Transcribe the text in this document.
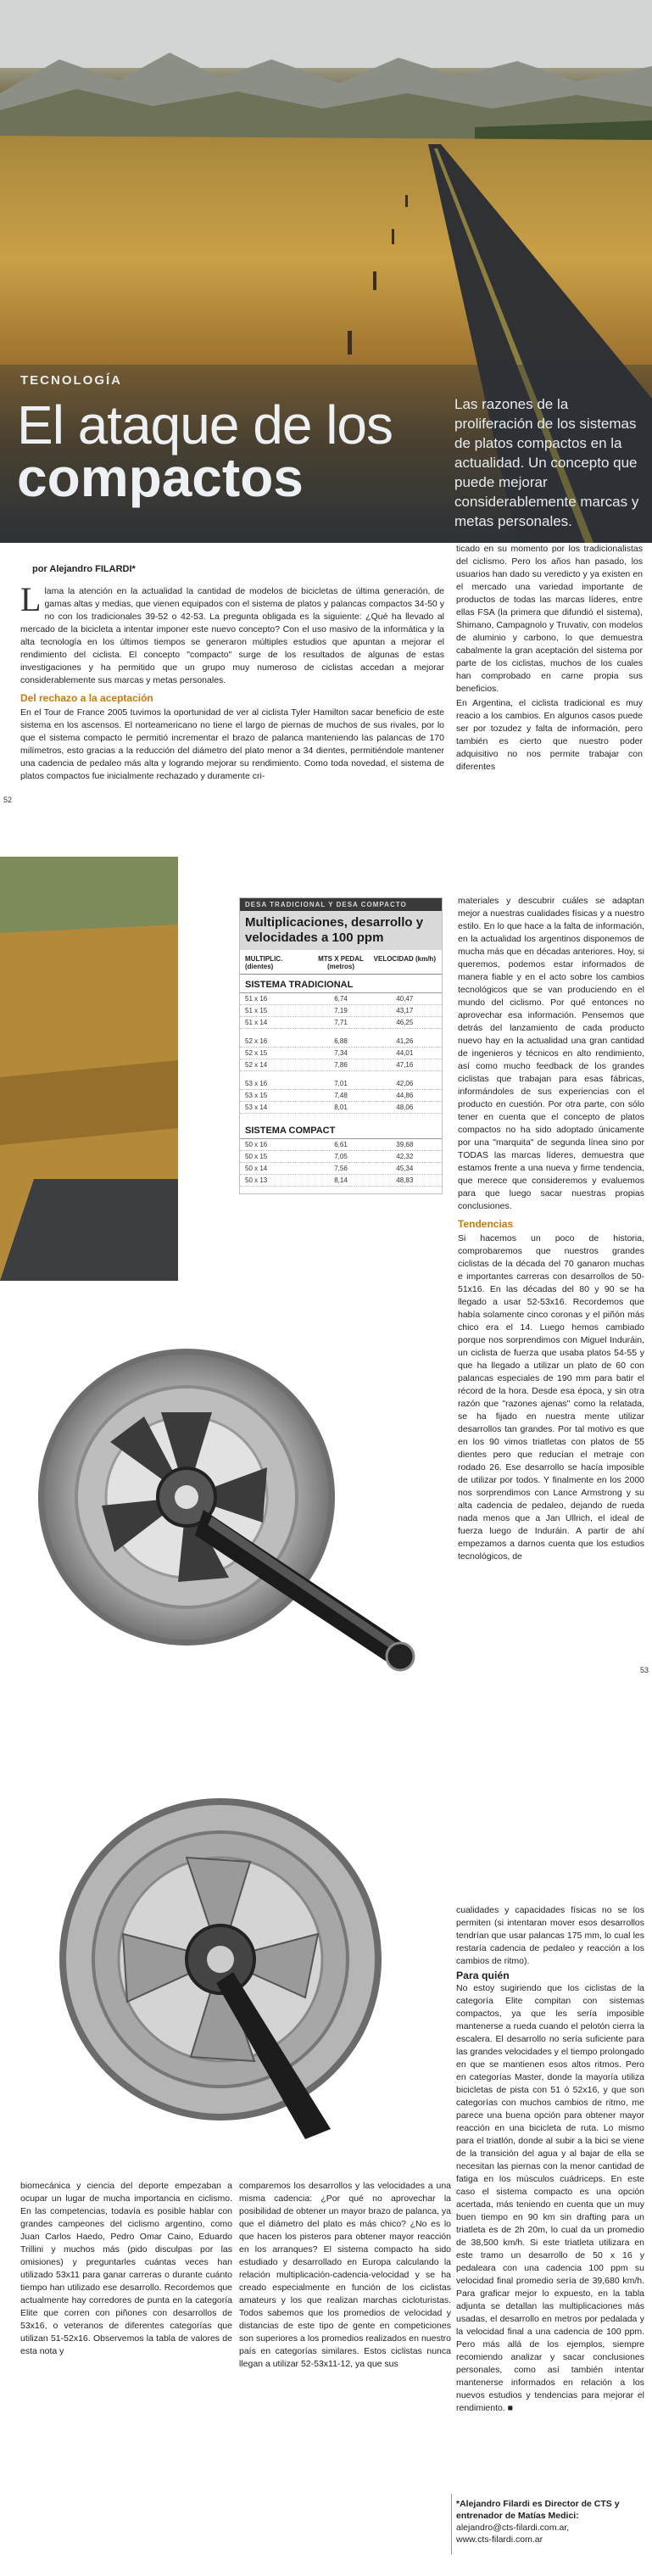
TECNOLOGÍA
El ataque de los
compactos

Las razones de la proliferación de los sistemas de platos compactos en la actualidad. Un concepto que puede mejorar considerablemente marcas y metas personales.

por Alejandro FILARDI*

Llama la atención en la actualidad la cantidad de modelos de bicicletas de última generación, de gamas altas y medias, que vienen equipados con el sistema de platos y palancas compactos 34-50 y no con los tradicionales 39-52 o 42-53. La pregunta obligada es la siguiente: ¿Qué ha llevado al mercado de la bicicleta a intentar imponer este nuevo concepto? Con el uso masivo de la informática y la alta tecnología en los últimos tiempos se generaron múltiples estudios que apuntan a mejorar el rendimiento del ciclista. El concepto "compacto" surge de los resultados de algunas de estas investigaciones y ha permitido que un grupo muy numeroso de ciclistas accedan a mejorar considerablemente sus marcas y metas personales.

Del rechazo a la aceptación

En el Tour de France 2005 tuvimos la oportunidad de ver al ciclista Tyler Hamilton sacar beneficio de este sistema en los ascensos. El norteamericano no tiene el largo de piernas de muchos de sus rivales, por lo que el sistema compacto le permitió incrementar el brazo de palanca manteniendo las palancas de 170 milímetros, esto gracias a la reducción del diámetro del plato menor a 34 dientes, permitiéndole mantener una cadencia de pedaleo más alta y logrando mejorar su rendimiento. Como toda novedad, el sistema de platos compactos fue inicialmente rechazado y duramente cri-

ticado en su momento por los tradicionalistas del ciclismo. Pero los años han pasado, los usuarios han dado su veredicto y ya existen en el mercado una variedad importante de productos de todas las marcas líderes, entre ellas FSA (la primera que difundió el sistema), Shimano, Campagnolo y Truvativ, con modelos de aluminio y carbono, lo que demuestra cabalmente la gran aceptación del sistema por parte de los ciclistas, muchos de los cuales han comprobado en carne propia sus beneficios.

En Argentina, el ciclista tradicional es muy reacio a los cambios. En algunos casos puede ser por tozudez y falta de información, pero también es cierto que nuestro poder adquisitivo no nos permite trabajar con diferentes

52
DESA TRADICIONAL Y DESA COMPACTO
Multiplicaciones, desarrollo y velocidades a 100 ppm
MULTIPLIC. (dientes)
MTS X PEDAL (metros)
VELOCIDAD (km/h)
SISTEMA TRADICIONAL
51 x 16	6,74	40,47
51 x 15	7,19	43,17
51 x 14	7,71	46,25
52 x 16	6,88	41,26
52 x 15	7,34	44,01
52 x 14	7,86	47,16
53 x 16	7,01	42,06
53 x 15	7,48	44,86
53 x 14	8,01	48,06
SISTEMA COMPACT
50 x 16	6,61	39,68
50 x 15	7,05	42,32
50 x 14	7,56	45,34
50 x 13	8,14	48,83

materiales y descubrir cuáles se adaptan mejor a nuestras cualidades físicas y a nuestro estilo. En lo que hace a la falta de información, en la actualidad los argentinos disponemos de mucha más que en décadas anteriores. Hoy, si queremos, podemos estar informados de manera fiable y en el acto sobre los cambios tecnológicos que se van produciendo en el mundo del ciclismo. Por qué entonces no aprovechar esa información. Pensemos que detrás del lanzamiento de cada producto nuevo hay en la actualidad una gran cantidad de ingenieros y técnicos en alto rendimiento, así como mucho feedback de los grandes ciclistas que trabajan para esas fábricas, informándoles de sus experiencias con el producto en cuestión. Por otra parte, con sólo tener en cuenta que el concepto de platos compactos no ha sido adoptado únicamente por una "marquita" de segunda línea sino por TODAS las marcas líderes, demuestra que estamos frente a una nueva y firme tendencia, que merece que consideremos y evaluemos para que luego sacar nuestras propias conclusiones.

Tendencias

Si hacemos un poco de historia, comprobaremos que nuestros grandes ciclistas de la década del 70 ganaron muchas e importantes carreras con desarrollos de 50-51x16. En las décadas del 80 y 90 se ha llegado a usar 52-53x16. Recordemos que había solamente cinco coronas y el piñón más chico era el 14. Luego hemos cambiado porque nos sorprendimos con Miguel Induráin, un ciclista de fuerza que usaba platos 54-55 y que ha llegado a utilizar un plato de 60 con palancas especiales de 190 mm para batir el récord de la hora. Desde esa época, y sin otra razón que "razones ajenas" como la relatada, se ha fijado en nuestra mente utilizar desarrollos tan grandes. Por tal motivo es que en los 90 vimos triatletas con platos de 55 dientes pero que reducían el metraje con rodado 26. Ese desarrollo se hacía imposible de utilizar por todos. Y finalmente en los 2000 nos sorprendimos con Lance Armstrong y su alta cadencia de pedaleo, dejando de rueda nada menos que a Jan Ullrich, el ideal de fuerza luego de Induráin. A partir de ahí empezamos a darnos cuenta que los estudios tecnológicos, de

53

biomecánica y ciencia del deporte empezaban a ocupar un lugar de mucha importancia en ciclismo. En las competencias, todavía es posible hablar con grandes campeones del ciclismo argentino, como Juan Carlos Haedo, Pedro Omar Caino, Eduardo Trillini y muchos más (pido disculpas por las omisiones) y preguntarles cuántas veces han utilizado 53x11 para ganar carreras o durante cuánto tiempo han utilizado ese desarrollo. Recordemos que actualmente hay corredores de punta en la categoría Elite que corren con piñones con desarrollos de 53x16, o veteranos de diferentes categorías que utilizan 51-52x16. Observemos la tabla de valores de esta nota y

comparemos los desarrollos y las velocidades a una misma cadencia: ¿Por qué no aprovechar la posibilidad de obtener un mayor brazo de palanca, ya que el diámetro del plato es más chico? ¿No es lo que hacen los pisteros para obtener mayor reacción en los arranques? El sistema compacto ha sido estudiado y desarrollado en Europa calculando la relación multiplicación-cadencia-velocidad y se ha creado especialmente en función de los ciclistas amateurs y los que realizan marchas cicloturistas. Todos sabemos que los promedios de velocidad y distancias de este tipo de gente en competiciones son superiores a los promedios realizados en nuestro país en categorías similares. Estos ciclistas nunca llegan a utilizar 52-53x11-12, ya que sus

cualidades y capacidades físicas no se los permiten (si intentaran mover esos desarrollos tendrían que usar palancas 175 mm, lo cual les restaría cadencia de pedaleo y reacción a los cambios de ritmo).

Para quién

No estoy sugiriendo que los ciclistas de la categoría Elite compitan con sistemas compactos, ya que les sería imposible mantenerse a rueda cuando el pelotón cierra la escalera. El desarrollo no sería suficiente para las grandes velocidades y el tiempo prolongado en que se mantienen esos altos ritmos. Pero en categorías Master, donde la mayoría utiliza bicicletas de pista con 51 ó 52x16, y que son categorías con muchos cambios de ritmo, me parece una buena opción para obtener mayor reacción en una bicicleta de ruta. Lo mismo para el triatlón, donde al subir a la bici se viene de la transición del agua y al bajar de ella se necesitan las piernas con la menor cantidad de fatiga en los músculos cuádriceps. En este caso el sistema compacto es una opción acertada, más teniendo en cuenta que un muy buen tiempo en 90 km sin drafting para un triatleta es de 2h 20m, lo cual da un promedio de 38,500 km/h. Si este triatleta utilizara en este tramo un desarrollo de 50 x 16 y pedaleara con una cadencia 100 ppm su velocidad final promedio sería de 39,680 km/h. Para graficar mejor lo expuesto, en la tabla adjunta se detallan las multiplicaciones más usadas, el desarrollo en metros por pedalada y la velocidad final a una cadencia de 100 ppm. Pero más allá de los ejemplos, siempre recomiendo analizar y sacar conclusiones personales, como así también intentar mantenerse informados en relación a los nuevos estudios y tendencias para mejorar el rendimiento. ■

*Alejandro Filardi es Director de CTS y entrenador de Matías Medici:
alejandro@cts-filardi.com.ar,
www.cts-filardi.com.ar
